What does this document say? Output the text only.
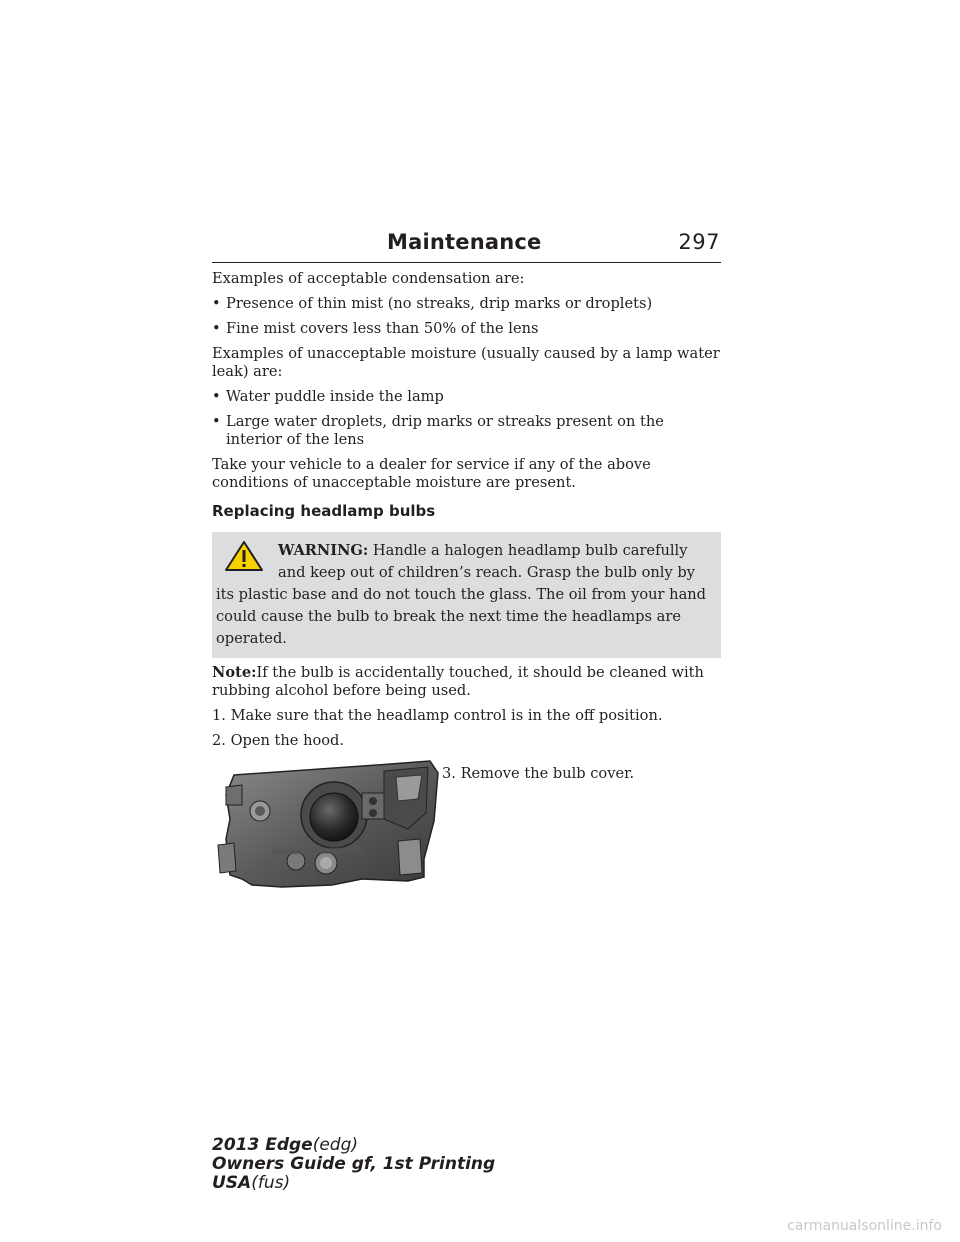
Maintenance	297

Examples of acceptable condensation are:

• Presence of thin mist (no streaks, drip marks or droplets)
• Fine mist covers less than 50% of the lens

Examples of unacceptable moisture (usually caused by a lamp water leak) are:

• Water puddle inside the lamp
• Large water droplets, drip marks or streaks present on the interior of the lens

Take your vehicle to a dealer for service if any of the above conditions of unacceptable moisture are present.

Replacing headlamp bulbs
WARNING: Handle a halogen headlamp bulb carefully and keep out of children’s reach. Grasp the bulb only by its plastic base and do not touch the glass. The oil from your hand could cause the bulb to break the next time the headlamps are operated.

Note:If the bulb is accidentally touched, it should be cleaned with rubbing alcohol before being used.

1. Make sure that the headlamp control is in the off position.

2. Open the hood.

3. Remove the bulb cover.
2013 Edge(edg)
Owners Guide gf, 1st Printing
USA(fus)
carmanualsonline.info
